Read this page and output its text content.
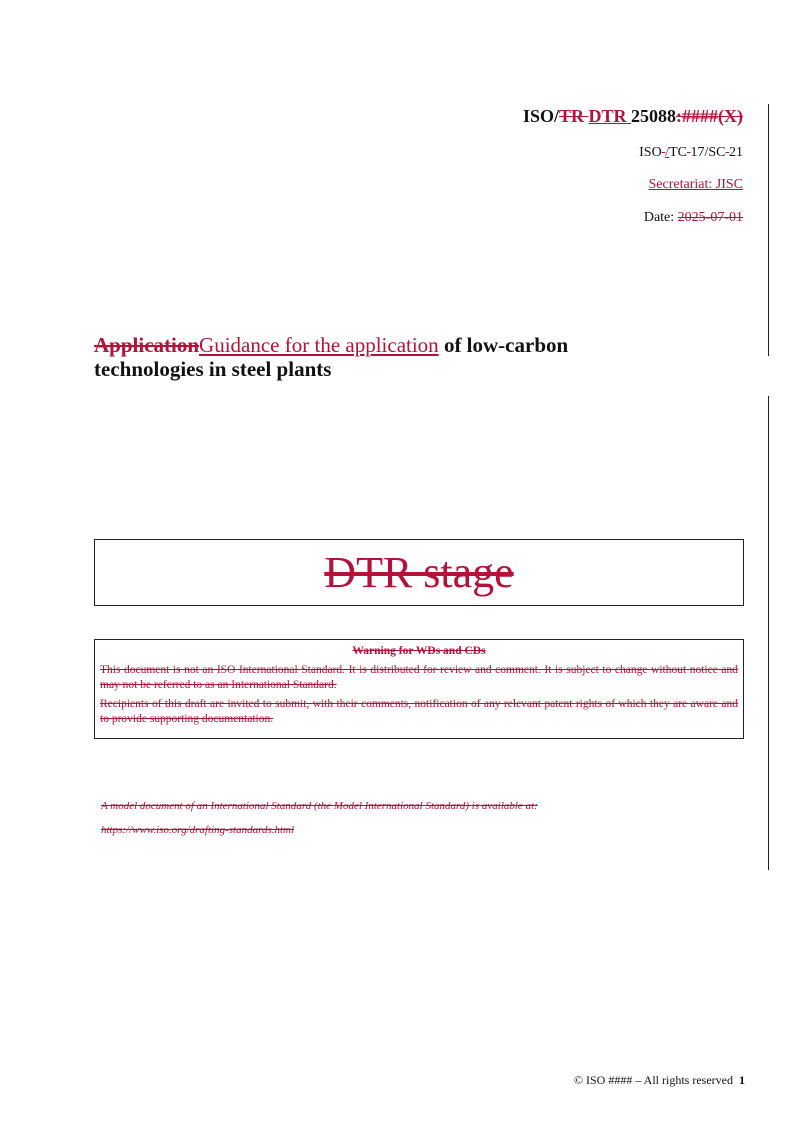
ISO/TR DTR 25088:####(X)
ISO /TC 17/SC 21
Secretariat: JISC
Date: 2025-07-01
ApplicationGuidance for the application of low-carbon
technologies in steel plants
DTR stage
Warning for WDs and CDs

This document is not an ISO International Standard. It is distributed for review and comment. It is subject to change without notice and may not be referred to as an International Standard.

Recipients of this draft are invited to submit, with their comments, notification of any relevant patent rights of which they are aware and to provide supporting documentation.

A model document of an International Standard (the Model International Standard) is available at:
https://www.iso.org/drafting-standards.html
© ISO #### – All rights reserved 1
